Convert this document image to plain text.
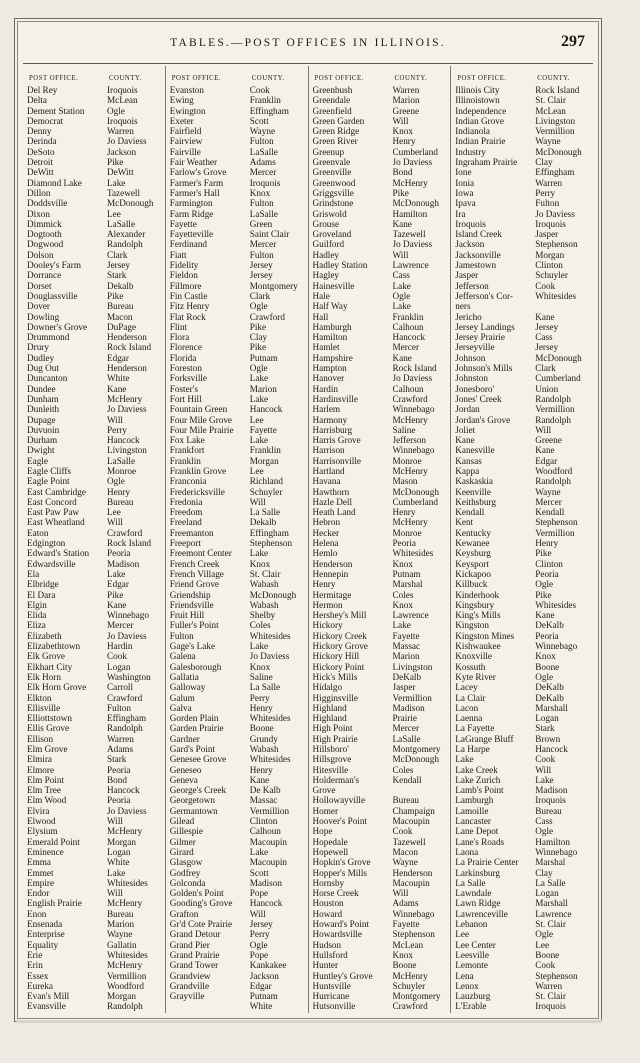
TABLES.—POST OFFICES IN ILLINOIS.	297
POST OFFICE.	COUNTY.
Del Rey	Iroquois
Delta	McLean
Dement Station	Ogle
Democrat	Iroquois
Denny	Warren
Derinda	Jo Daviess
DeSoto	Jackson
Detroit	Pike
DeWitt	DeWitt
Diamond Lake	Lake
Dillon	Tazewell
Doddsville	McDonough
Dixon	Lee
Dimmick	LaSalle
Dogtooth	Alexander
Dogwood	Randolph
Dolson	Clark
Dooley's Farm	Jersey
Dorrance	Stark
Dorset	Dekalb
Douglassville	Pike
Dover	Bureau
Dowling	Macon
Downer's Grove	DuPage
Drummond	Henderson
Drury	Rock Island
Dudley	Edgar
Dug Out	Henderson
Duncanton	White
Dundee	Kane
Dunham	McHenry
Dunleith	Jo Daviess
Dupage	Will
Duvuoin	Perry
Durham	Hancock
Dwight	Livingston
Eagle	LaSalle
Eagle Cliffs	Monroe
Eagle Point	Ogle
East Cambridge	Henry
East Concord	Bureau
East Paw Paw	Lee
East Wheatland	Will
Eaton	Crawford
Edgington	Rock Island
Edward's Station	Peoria
Edwardsville	Madison
Ela	Lake
Elbridge	Edgar
El Dara	Pike
Elgin	Kane
Elida	Winnebago
Eliza	Mercer
Elizabeth	Jo Daviess
Elizabethtown	Hardin
Elk Grove	Cook
Elkhart City	Logan
Elk Horn	Washington
Elk Horn Grove	Carroll
Elkton	Crawford
Ellisville	Fulton
Elliottstown	Effingham
Ellis Grove	Randolph
Ellison	Warren
Elm Grove	Adams
Elmira	Stark
Elmore	Peoria
Elm Point	Bond
Elm Tree	Hancock
Elm Wood	Peoria
Elvira	Jo Daviess
Elwood	Will
Elysium	McHenry
Emerald Point	Morgan
Eminence	Logan
Emma	White
Emmet	Lake
Empire	Whitesides
Endor	Will
English Prairie	McHenry
Enon	Bureau
Ensenada	Marion
Enterprise	Wayne
Equality	Gallatin
Erie	Whitesides
Erin	McHenry
Essex	Vermillion
Eureka	Woodford
Evan's Mill	Morgan
Evansville	Randolph
POST OFFICE.	COUNTY.
Evanston	Cook
Ewing	Franklin
Ewington	Effingham
Exeter	Scott
Fairfield	Wayne
Fairview	Fulton
Fairville	LaSalle
Fair Weather	Adams
Farlow's Grove	Mercer
Farmer's Farm	Iroquois
Farmer's Hall	Knox
Farmington	Fulton
Farm Ridge	LaSalle
Fayette	Green
Fayetteville	Saint Clair
Ferdinand	Mercer
Fiatt	Fulton
Fidelity	Jersey
Fieldon	Jersey
Fillmore	Montgomery
Fin Castle	Clark
Fitz Henry	Ogle
Flat Rock	Crawford
Flint	Pike
Flora	Clay
Florence	Pike
Florida	Putnam
Foreston	Ogle
Forksville	Lake
Foster's	Marion
Fort Hill	Lake
Fountain Green	Hancock
Four Mile Grove	Lee
Four Mile Prairie	Fayette
Fox Lake	Lake
Frankfort	Franklin
Franklin	Morgan
Franklin Grove	Lee
Franconia	Richland
Fredericksville	Schuyler
Fredonia	Will
Freedom	La Salle
Freeland	Dekalb
Freemanton	Effingham
Freeport	Stephenson
Freemont Center	Lake
French Creek	Knox
French Village	St. Clair
Friend Grove	Wabash
Griendship	McDonough
Friendsville	Wabash
Fruit Hill	Shelby
Fuller's Point	Coles
Fulton	Whitesides
Gage's Lake	Lake
Galena	Jo Daviess
Galesborough	Knox
Gallatia	Saline
Galloway	La Salle
Galum	Perry
Galva	Henry
Gorden Plain	Whitesides
Garden Prairie	Boone
Gardner	Grundy
Gard's Point	Wabash
Genesee Grove	Whitesides
Geneseo	Henry
Geneva	Kane
George's Creek	De Kalb
Georgetown	Massac
Germantown	Vermillion
Gilead	Clinton
Gillespie	Calhoun
Gilmer	Macoupin
Girard	Lake
Glasgow	Macoupin
Godfrey	Scott
Golconda	Madison
Golden's Point	Pope
Gooding's Grove	Hancock
Grafton	Will
Gr'd Cote Prairie	Jersey
Grand Detour	Perry
Grand Pier	Ogle
Grand Prairie	Pope
Grand Tower	Kankakee
Grandview	Jackson
Grandville	Edgar
Grayville	Putnam
White
POST OFFICE.	COUNTY.
Greenbush	Warren
Greendale	Marion
Greenfield	Greene
Green Garden	Will
Green Ridge	Knox
Green River	Henry
Greenup	Cumberland
Greenvale	Jo Daviess
Greenville	Bond
Greenwood	McHenry
Griggsville	Pike
Grindstone	McDonough
Griswold	Hamilton
Grouse	Kane
Groveland	Tazewell
Guilford	Jo Daviess
Hadley	Will
Hadley Station	Lawrence
Hagley	Cass
Hainesville	Lake
Hale	Ogle
Half Way	Lake
Hall	Franklin
Hamburgh	Calhoun
Hamilton	Hancock
Hamlet	Mercer
Hampshire	Kane
Hampton	Rock Island
Hanover	Jo Daviess
Hardin	Calhoun
Hardinsville	Crawford
Harlem	Winnebago
Harmony	McHenry
Harrisburg	Saline
Harris Grove	Jefferson
Harrison	Winnebago
Harrisonville	Monroe
Hartland	McHenry
Havana	Mason
Hawthorn	McDonough
Hazle Dell	Cumberland
Heath Land	Henry
Hebron	McHenry
Hecker	Monroe
Helena	Peoria
Hemlo	Whitesides
Henderson	Knox
Hennepin	Putnam
Henry	Marshal
Hermitage	Coles
Hermon	Knox
Hershey's Mill	Lawrence
Hickory	Lake
Hickory Creek	Fayette
Hickory Grove	Massac
Hickory Hill	Marion
Hickory Point	Livingston
Hick's Mills	DeKalb
Hidalgo	Jasper
Higginsville	Vermillion
Highland	Madison
Highland	Prairie
High Point	Mercer
High Prairie	LaSalle
Hillsboro'	Montgomery
Hillsgrove	McDonough
Hitesville	Coles
Holderman's	Kendall
Grove
Hollowayville	Bureau
Homer	Champaign
Hoover's Point	Macoupin
Hope	Cook
Hopedale	Tazewell
Hopewell	Macon
Hopkin's Grove	Wayne
Hopper's Mills	Henderson
Hornsby	Macoupin
Horse Creek	Will
Houston	Adams
Howard	Winnebago
Howard's Point	Fayette
Howardsville	Stephenson
Hudson	McLean
Hullsford	Knox
Hunter	Boone
Huntley's Grove	McHenry
Huntsville	Schuyler
Hurricane	Montgomery
Hutsonville	Crawford
POST OFFICE.	COUNTY.
Illinois City	Rock Island
Illinoistown	St. Clair
Independence	McLean
Indian Grove	Livingston
Indianola	Vermillion
Indian Prairie	Wayne
Industry	McDonough
Ingraham Prairie	Clay
Ione	Effingham
Ionia	Warren
Iowa	Perry
Ipava	Fulton
Ira	Jo Daviess
Iroquois	Iroquois
Island Creek	Jasper
Jackson	Stephenson
Jacksonville	Morgan
Jamestown	Clinton
Jasper	Schuyler
Jefferson	Cook
Jefferson's Cor-	Whitesides
ners
Jericho	Kane
Jersey Landings	Jersey
Jersey Prairie	Cass
Jerseyville	Jersey
Johnson	McDonough
Johnson's Mills	Clark
Johnston	Cumberland
Jonesboro'	Union
Jones' Creek	Randolph
Jordan	Vermillion
Jordan's Grove	Randolph
Joliet	Will
Kane	Greene
Kanesville	Kane
Kansas	Edgar
Kappa	Woodford
Kaskaskia	Randolph
Keenville	Wayne
Keithsburg	Mercer
Kendall	Kendall
Kent	Stephenson
Kentucky	Vermillion
Kewanee	Henry
Keysburg	Pike
Keysport	Clinton
Kickapoo	Peoria
Killbuck	Ogle
Kinderhook	Pike
Kingsbury	Whitesides
King's Mills	Kane
Kingston	DeKalb
Kingston Mines	Peoria
Kishwaukee	Winnebago
Knoxville	Knox
Kossuth	Boone
Kyte River	Ogle
Lacey	DeKalb
La Clair	DeKalb
Lacon	Marshall
Laenna	Logan
La Fayette	Stark
LaGrange Bluff	Brown
La Harpe	Hancock
Lake	Cook
Lake Creek	Will
Lake Zurich	Lake
Lamb's Point	Madison
Lamburgh	Iroquois
Lamoille	Bureau
Lancaster	Cass
Lane Depot	Ogle
Lane's Roads	Hamilton
Laona	Winnebago
La Prairie Center	Marshal
Larkinsburg	Clay
La Salle	La Salle
Lawndale	Logan
Lawn Ridge	Marshall
Lawrenceville	Lawrence
Lebanon	St. Clair
Lee	Ogle
Lee Center	Lee
Leesville	Boone
Lemonte	Cook
Lena	Stephenson
Lenox	Warren
Lauzburg	St. Clair
L'Erable	Iroquois
